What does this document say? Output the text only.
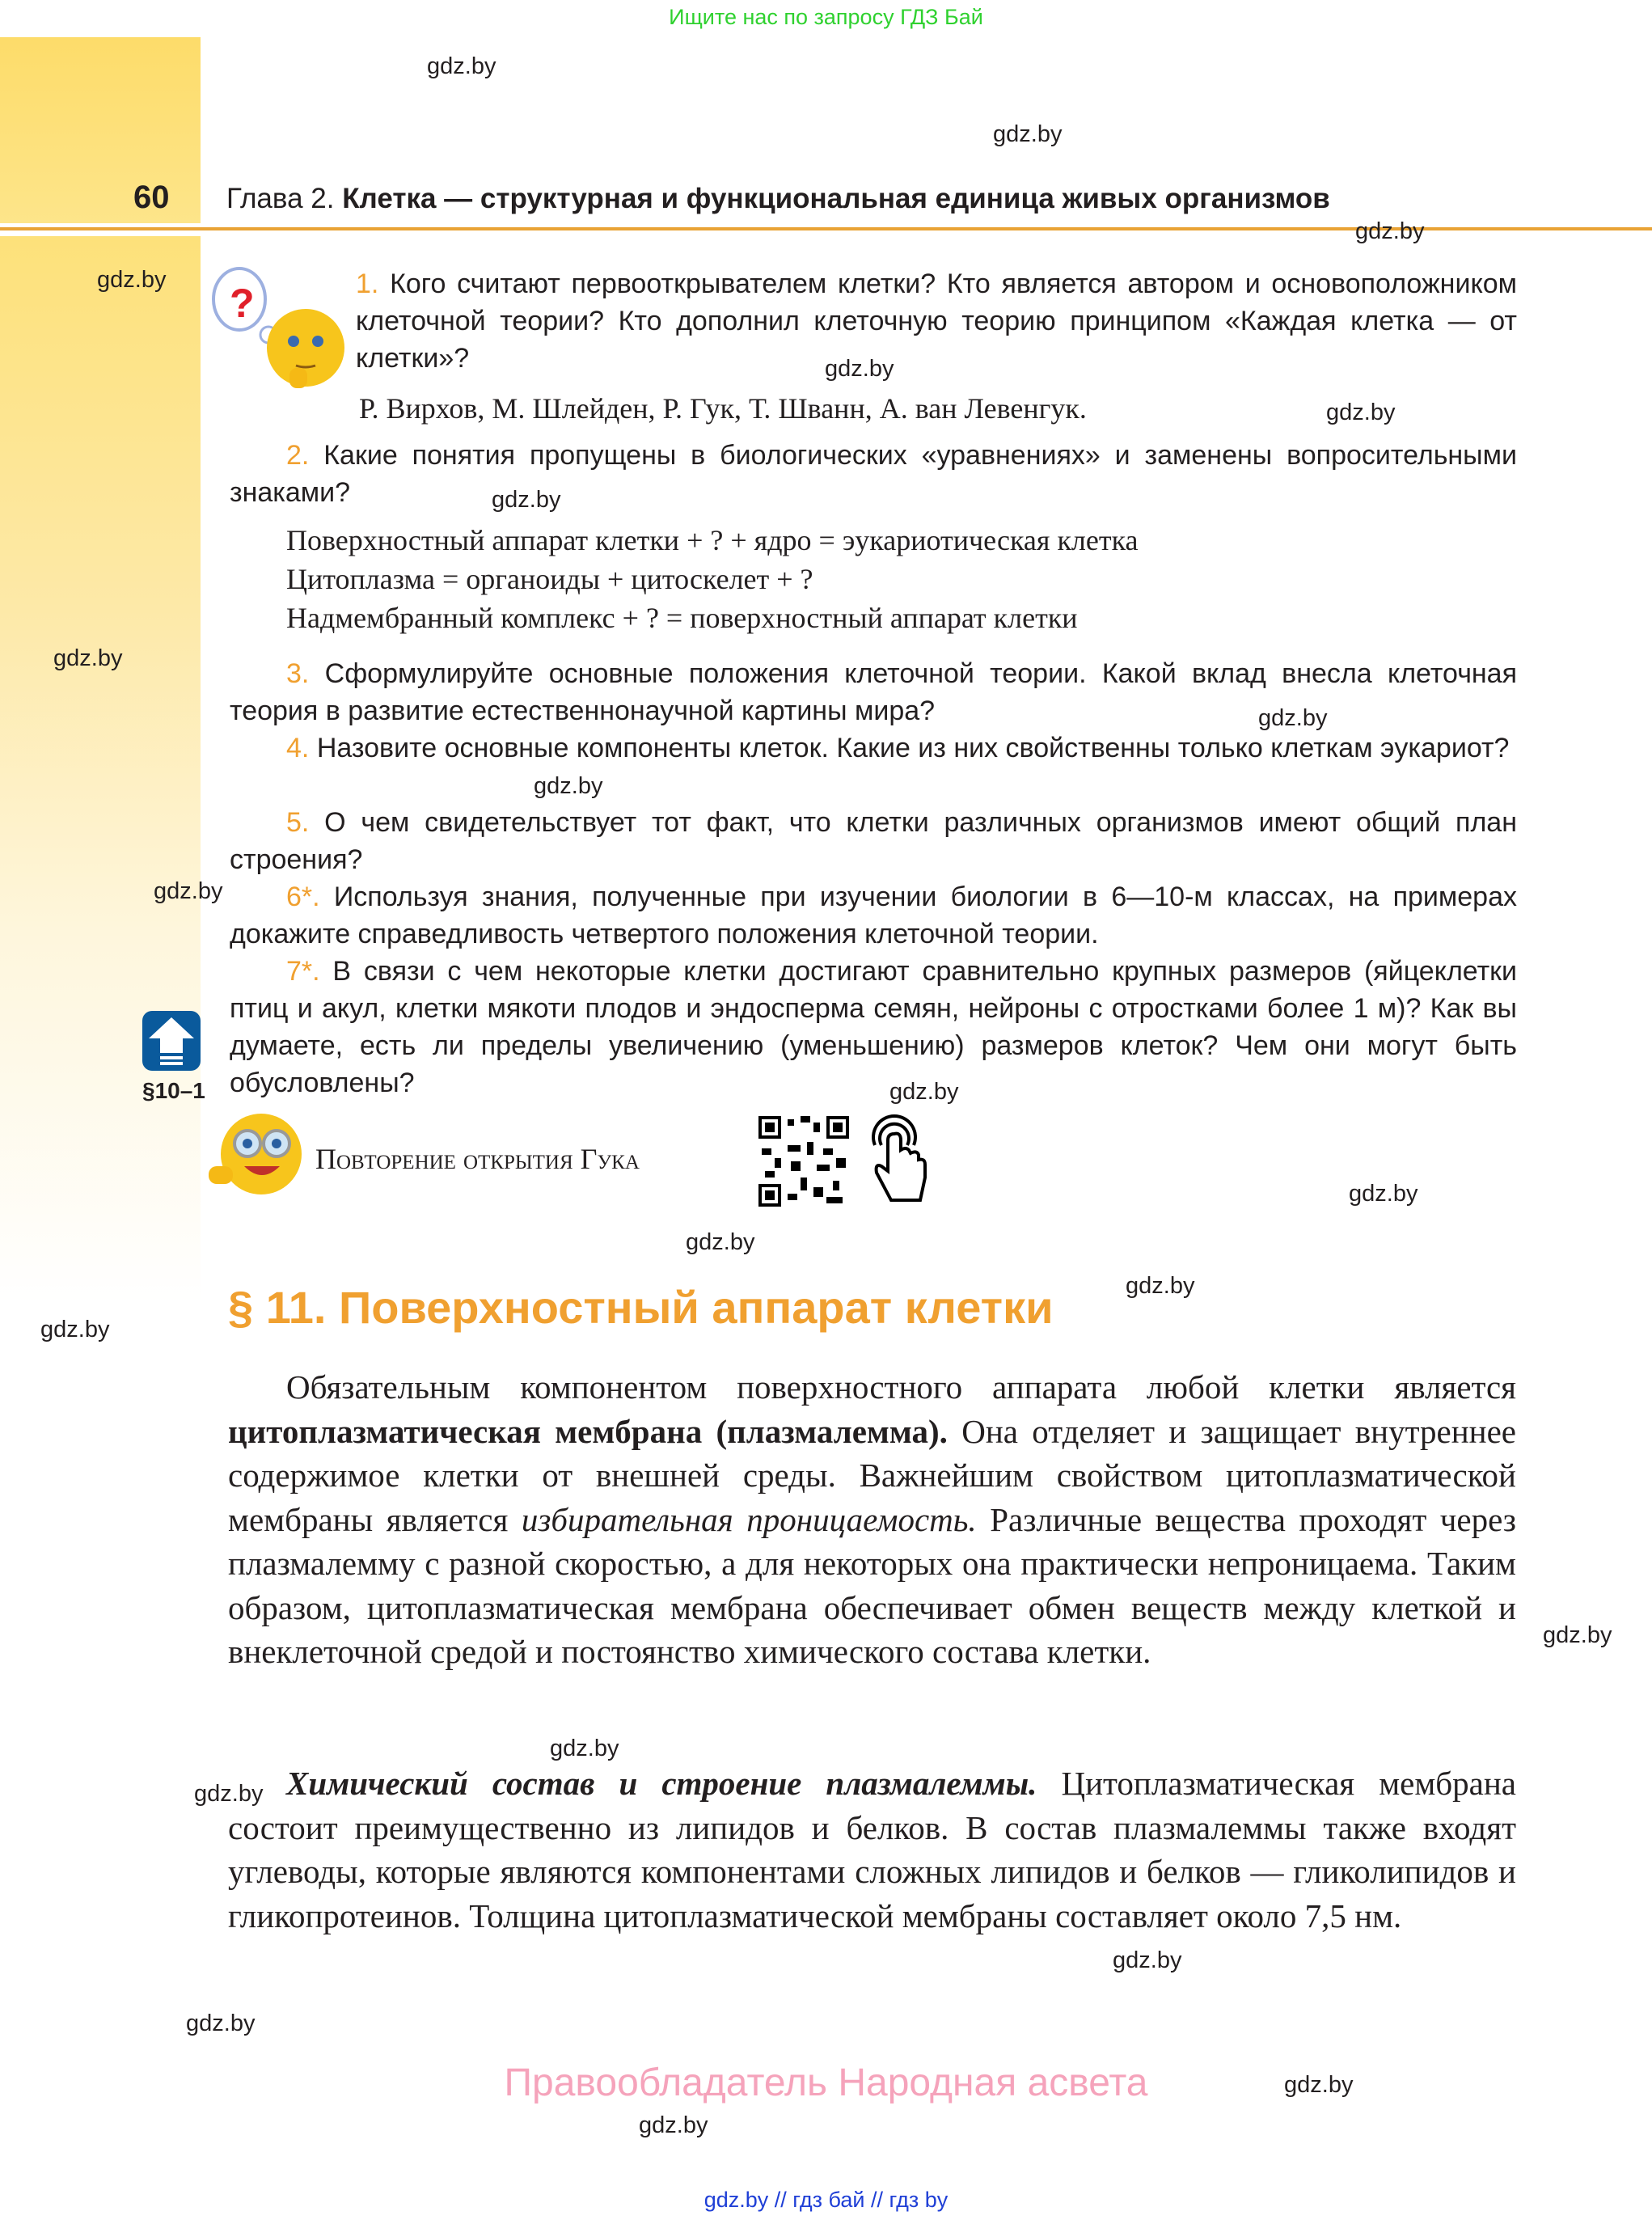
Ищите нас по запросу ГДЗ Бай
60 Глава 2. Клетка — структурная и функциональная единица живых организмов
?	1. Кого считают первооткрывателем клетки? Кто является автором и основоположником клеточной теории? Кто дополнил клеточную теорию принципом «Каждая клетка — от клетки»?
Р. Вирхов, М. Шлейден, Р. Гук, Т. Шванн, А. ван Левенгук.
2. Какие понятия пропущены в биологических «уравнениях» и заменены вопросительными знаками?
Поверхностный аппарат клетки + ? + ядро = эукариотическая клетка
Цитоплазма = органоиды + цитоскелет + ?
Надмембранный комплекс + ? = поверхностный аппарат клетки
3. Сформулируйте основные положения клеточной теории. Какой вклад внесла клеточная теория в развитие естественнонаучной картины мира?
4. Назовите основные компоненты клеток. Какие из них свойственны только клеткам эукариот?
5. О чем свидетельствует тот факт, что клетки различных организмов имеют общий план строения?
6*. Используя знания, полученные при изучении биологии в 6—10-м классах, на примерах докажите справедливость четвертого положения клеточной теории.
7*. В связи с чем некоторые клетки достигают сравнительно крупных размеров (яйцеклетки птиц и акул, клетки мякоти плодов и эндосперма семян, нейроны с отростками более 1 м)? Как вы думаете, есть ли пределы увеличению (уменьшению) размеров клеток? Чем они могут быть обусловлены?
§10–1
Повторение открытия Гука
§ 11. Поверхностный аппарат клетки
Обязательным компонентом поверхностного аппарата любой клетки является цитоплазматическая мембрана (плазмалемма). Она отделяет и защищает внутреннее содержимое клетки от внешней среды. Важнейшим свойством цитоплазматической мембраны является избирательная проницаемость. Различные вещества проходят через плазмалемму с разной скоростью, а для некоторых она практически непроницаема. Таким образом, цитоплазматическая мембрана обеспечивает обмен веществ между клеткой и внеклеточной средой и постоянство химического состава клетки.
Химический состав и строение плазмалеммы. Цитоплазматическая мембрана состоит преимущественно из липидов и белков. В состав плазмалеммы также входят углеводы, которые являются компонентами сложных липидов и белков — гликолипидов и гликопротеинов. Толщина цитоплазматической мембраны составляет около 7,5 нм.
Правообладатель Народная асвета
gdz.by // гдз бай // гдз by
gdz.by
gdz.by
gdz.by
gdz.by
gdz.by
gdz.by
gdz.by
gdz.by
gdz.by
gdz.by
gdz.by
gdz.by
gdz.by
gdz.by
gdz.by
gdz.by
gdz.by
gdz.by
gdz.by
gdz.by
gdz.by
gdz.by
gdz.by
